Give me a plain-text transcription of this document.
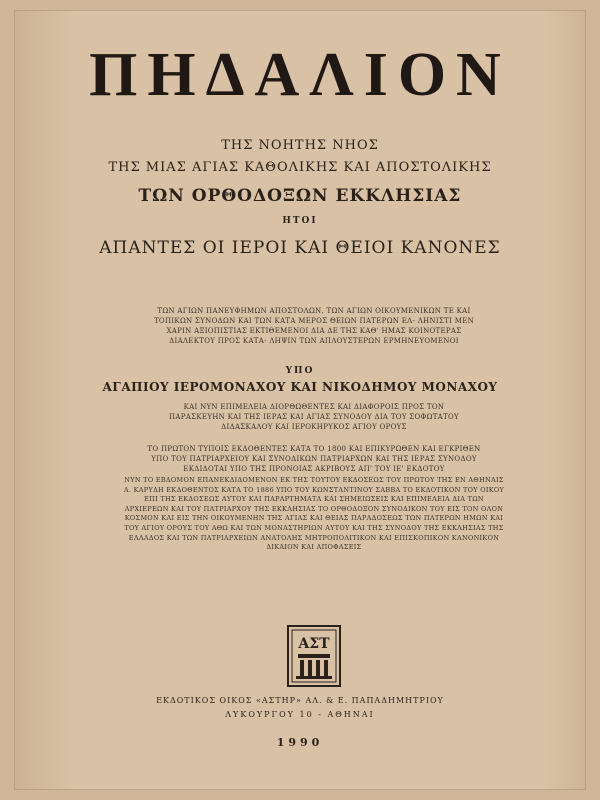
ΠΗΔΑΛΙΟΝ
ΤΗΣ ΝΟΗΤΗΣ ΝΗΟΣ
ΤΗΣ ΜΙΑΣ ΑΓΙΑΣ ΚΑΘΟΛΙΚΗΣ ΚΑΙ ΑΠΟΣΤΟΛΙΚΗΣ
ΤΩΝ ΟΡΘΟΔΟΞΩΝ ΕΚΚΛΗΣΙΑΣ
ΗΤΟΙ
ΑΠΑΝΤΕΣ ΟΙ ΙΕΡΟΙ ΚΑΙ ΘΕΙΟΙ ΚΑΝΟΝΕΣ
ΤΩΝ ΑΓΙΩΝ ΠΑΝΕΥΦΗΜΩΝ ΑΠΟΣΤΟΛΩΝ, ΤΩΝ ΑΓΙΩΝ ΟΙΚΟΥΜΕΝΙΚΩΝ ΤΕ ΚΑΙ ΤΟΠΙΚΩΝ ΣΥΝΟΔΩΝ ΚΑΙ ΤΩΝ ΚΑΤΑ ΜΕΡΟΣ ΘΕΙΩΝ ΠΑΤΕΡΩΝ ΕΛ- ΛΗΝΙΣΤΙ ΜΕΝ ΧΑΡΙΝ ΑΞΙΟΠΙΣΤΙΑΣ ΕΚΤΙΘΕΜΕΝΟΙ ΔΙΑ ΔΕ ΤΗΣ ΚΑΘ' ΗΜΑΣ ΚΟΙΝΟΤΕΡΑΣ ΔΙΑΛΕΚΤΟΥ ΠΡΟΣ ΚΑΤΑ- ΛΗΨΙΝ ΤΩΝ ΑΠΛΟΥΣΤΕΡΩΝ ΕΡΜΗΝΕΥΟΜΕΝΟΙ
ΥΠΟ
ΑΓΑΠΙΟΥ ΙΕΡΟΜΟΝΑΧΟΥ ΚΑΙ ΝΙΚΟΔΗΜΟΥ ΜΟΝΑΧΟΥ
ΚΑΙ ΝΥΝ ΕΠΙΜΕΛΕΙΑ ΔΙΟΡΘΩΘΕΝΤΕΣ ΚΑΙ ΔΙΑΦΟΡΟΙΣ ΠΡΟΣ ΤΟΝ ΠΑΡΑΣΚΕΥΗΝ ΚΑΙ ΤΗΣ ΙΕΡΑΣ ΚΑΙ ΑΓΙΑΣ ΣΥΝΟΔΟΥ ΔΙΑ ΤΟΥ ΣΟΦΩΤΑΤΟΥ ΔΙΔΑΣΚΑΛΟΥ ΚΑΙ ΙΕΡΟΚΗΡΥΚΟΣ ΑΓΙΟΥ ΟΡΟΥΣ
ΤΟ ΠΡΩΤΟΝ ΤΥΠΟΙΣ ΕΚΔΟΘΕΝΤΕΣ ΚΑΤΑ ΤΟ 1800 ΚΑΙ ΕΠΙΚΥΡΩΘΕΝ ΚΑΙ ΕΓΚΡΙΘΕΝ ΥΠΟ ΤΟΥ ΠΑΤΡΙΑΡΧΕΙΟΥ ΚΑΙ ΣΥΝΟΔΙΚΩΝ ΠΑΤΡΙΑΡΧΩΝ ΚΑΙ ΤΗΣ ΙΕΡΑΣ ΣΥΝΟΔΟΥ ΕΚΔΙΔΟΤΑΙ ΥΠΟ ΤΗΣ ΠΡΟΝΟΙΑΣ ΑΚΡΙΒΟΥΣ ΑΠ' ΤΟΥ ΙΕ' ΕΚΔΟΤΟΥ
ΝΥΝ ΤΟ ΕΒΔΟΜΟΝ ΕΠΑΝΕΚΔΙΔΟΜΕΝΟΝ ΕΚ ΤΗΣ ΤΟΥΤΟΥ ΕΚΔΟΣΕΩΣ ΤΟΥ ΠΡΩΤΟΥ ΤΗΣ ΕΝ ΑΘΗΝΑΙΣ Α. ΚΑΡΥΔΗ ΕΚΔΟΘΕΝΤΟΣ ΚΑΤΑ ΤΟ 1886 ΥΠΟ ΤΟΥ ΚΩΝΣΤΑΝΤΙΝΟΥ ΣΑΒΒΑ ΤΟ ΕΚΔΟΤΙΚΟΝ ΤΟΥ ΟΙΚΟΥ ΕΠΙ ΤΗΣ ΕΚΔΟΣΕΩΣ ΑΥΤΟΥ ΚΑΙ ΠΑΡΑΡΤΗΜΑΤΑ ΚΑΙ ΣΗΜΕΙΩΣΕΙΣ ΚΑΙ ΕΠΙΜΕΛΕΙΑ ΔΙΑ ΤΩΝ ΑΡΧΙΕΡΕΩΝ ΚΑΙ ΤΟΥ ΠΑΤΡΙΑΡΧΟΥ ΤΗΣ ΕΚΚΛΗΣΙΑΣ ΤΟ ΟΡΘΟΔΟΞΟΝ ΣΥΝΟΔΙΚΟΝ ΤΟΥ ΕΙΣ ΤΟΝ ΟΛΟΝ ΚΟΣΜΟΝ ΚΑΙ ΕΙΣ ΤΗΝ ΟΙΚΟΥΜΕΝΗΝ ΤΗΣ ΑΓΙΑΣ ΚΑΙ ΘΕΙΑΣ ΠΑΡΑΔΟΣΕΩΣ ΤΩΝ ΠΑΤΕΡΩΝ ΗΜΩΝ ΚΑΙ ΤΟΥ ΑΓΙΟΥ ΟΡΟΥΣ ΤΟΥ ΑΘΩ ΚΑΙ ΤΩΝ ΜΟΝΑΣΤΗΡΙΩΝ ΑΥΤΟΥ ΚΑΙ ΤΗΣ ΣΥΝΟΔΟΥ ΤΗΣ ΕΚΚΛΗΣΙΑΣ ΤΗΣ ΕΛΛΑΔΟΣ ΚΑΙ ΤΩΝ ΠΑΤΡΙΑΡΧΕΙΩΝ ΑΝΑΤΟΛΗΣ ΜΗΤΡΟΠΟΛΙΤΙΚΟΝ ΚΑΙ ΕΠΙΣΚΟΠΙΚΟΝ ΚΑΝΟΝΙΚΟΝ ΔΙΚΑΙΟΝ ΚΑΙ ΑΠΟΦΑΣΕΙΣ
ΑΣΤ
ΕΚΔΟΤΙΚΟΣ ΟΙΚΟΣ «ΑΣΤΗΡ» ΑΛ. & Ε. ΠΑΠΑΔΗΜΗΤΡΙΟΥ
ΛΥΚΟΥΡΓΟΥ 10 - ΑΘΗΝΑΙ
1990
